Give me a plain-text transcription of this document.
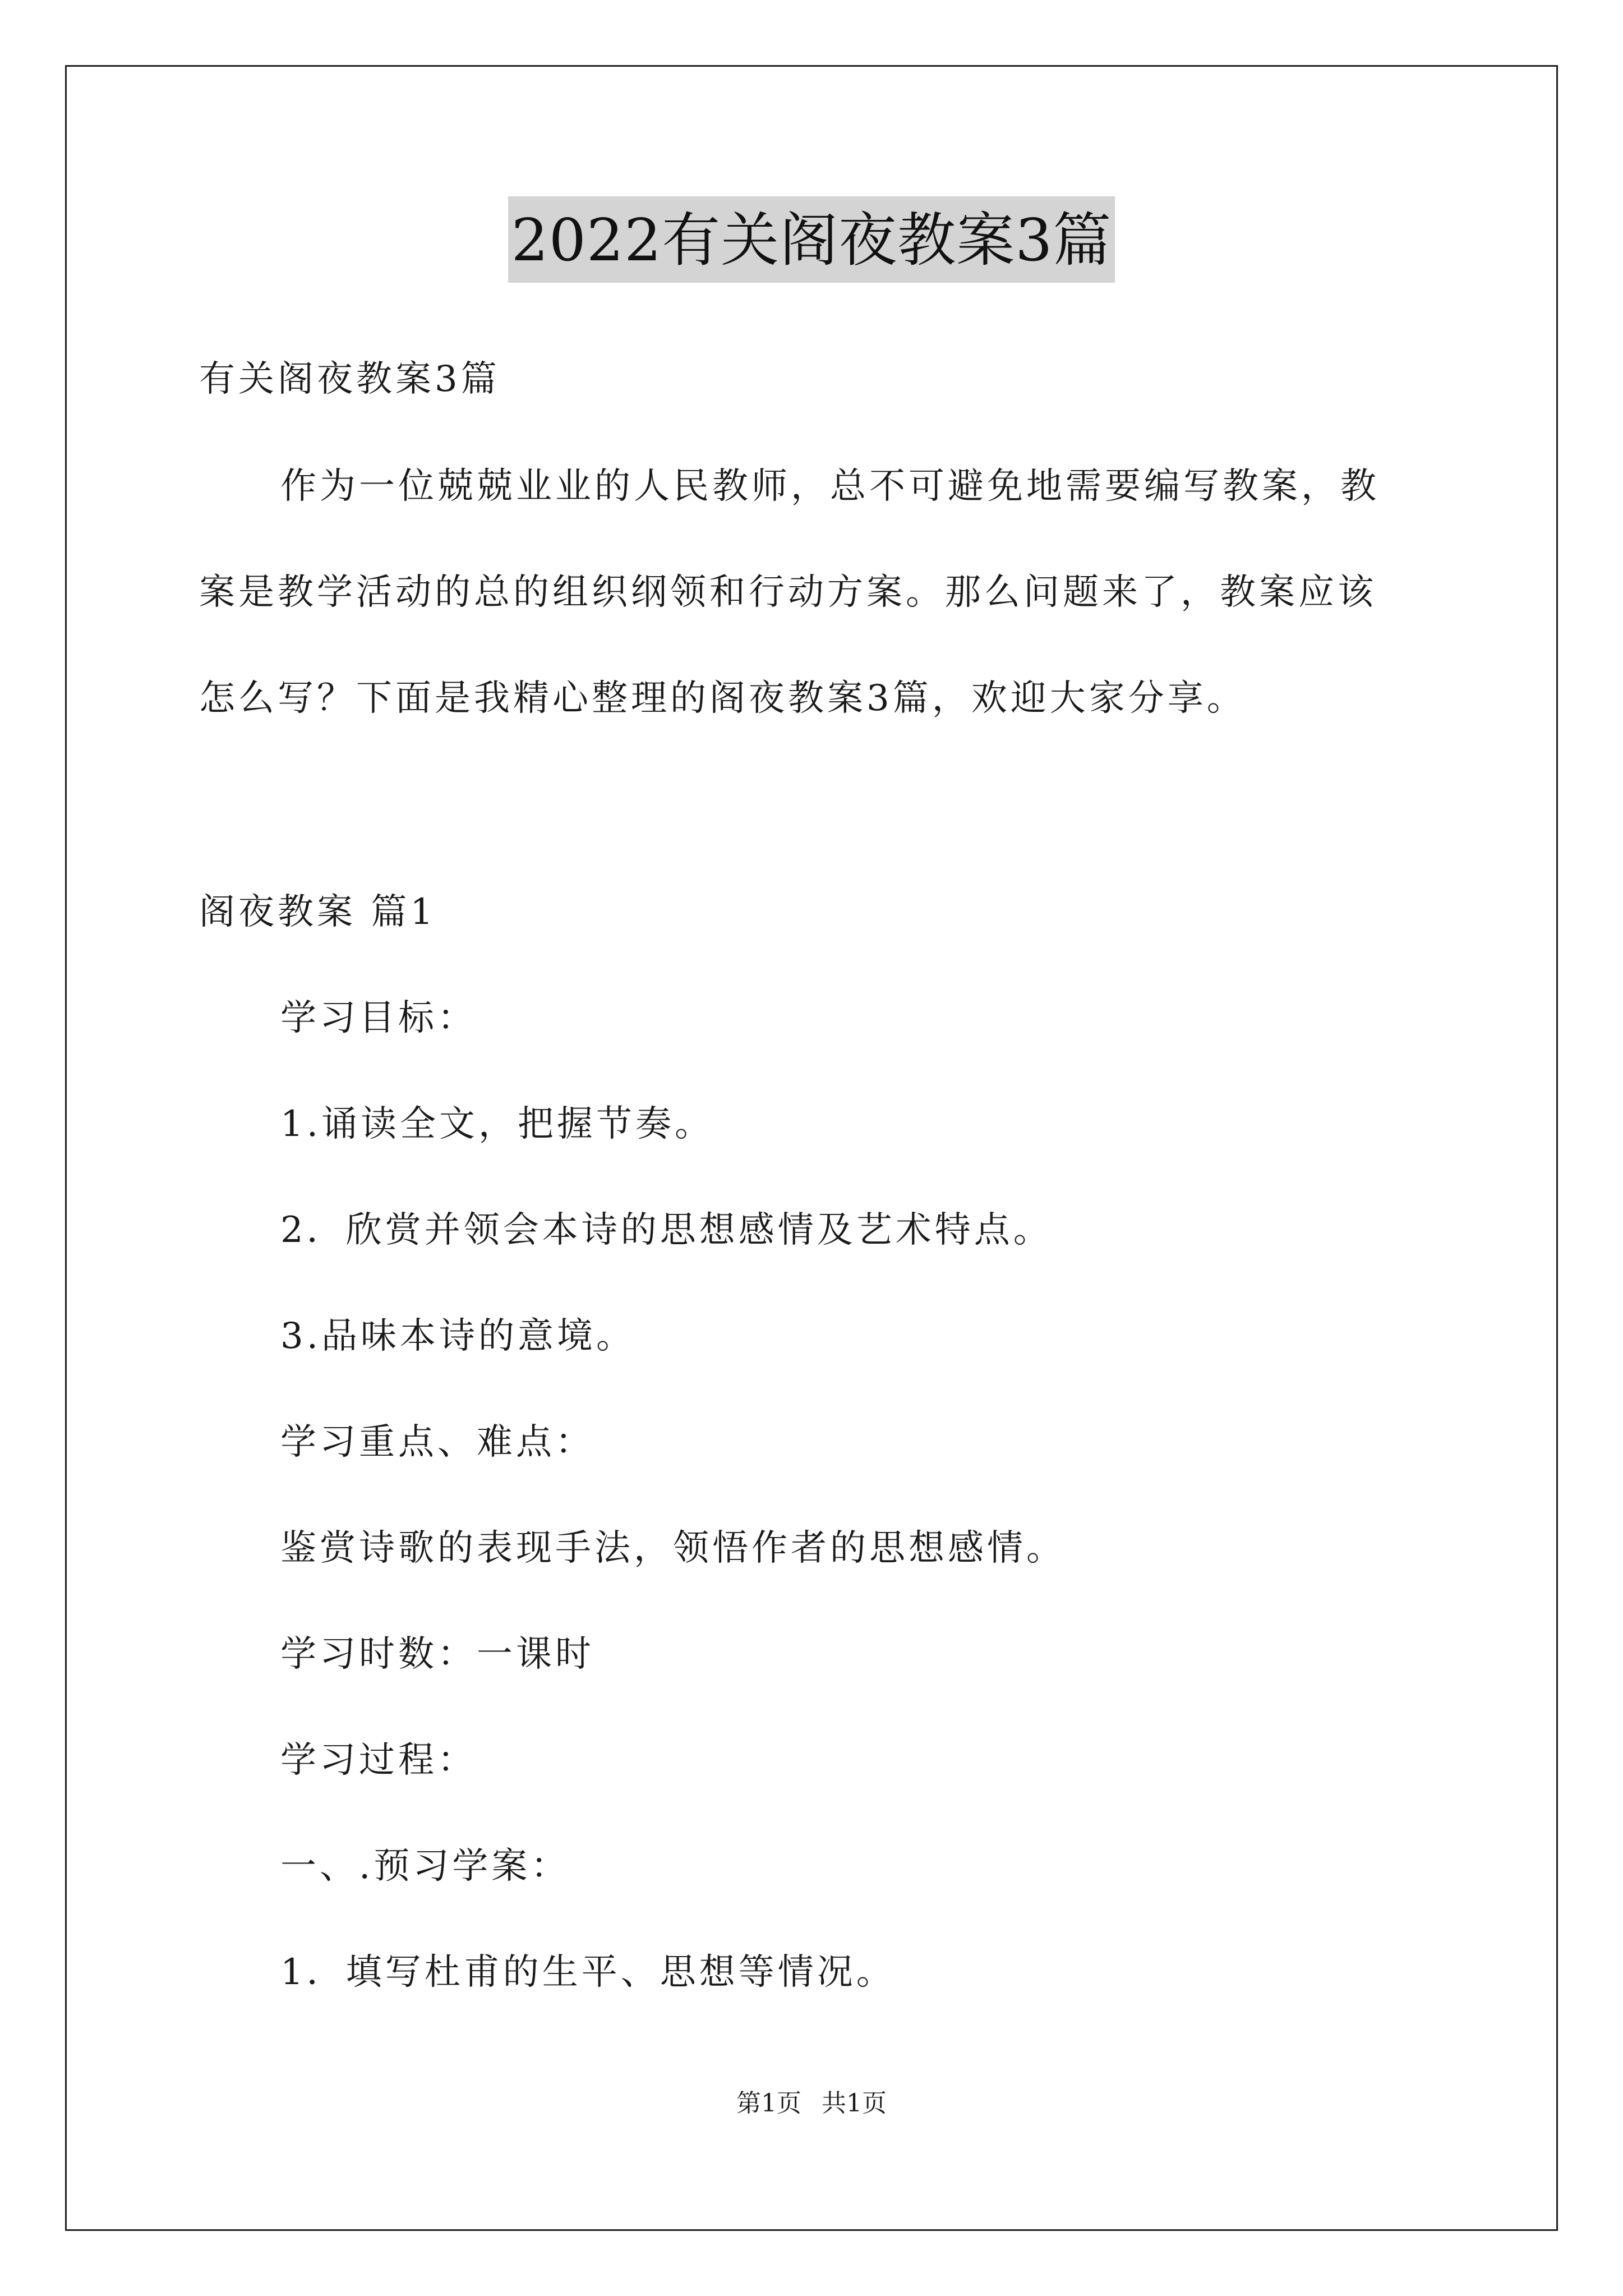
2022有关阁夜教案3篇
有关阁夜教案3篇
作为一位兢兢业业的人民教师，总不可避免地需要编写教案，教
案是教学活动的总的组织纲领和行动方案。那么问题来了，教案应该
怎么写？下面是我精心整理的阁夜教案3篇，欢迎大家分享。
阁夜教案 篇1
学习目标：
1.诵读全文，把握节奏。
2．欣赏并领会本诗的思想感情及艺术特点。
3.品味本诗的意境。
学习重点、难点：
鉴赏诗歌的表现手法，领悟作者的思想感情。
学习时数：一课时
学习过程：
一、.预习学案：
1．填写杜甫的生平、思想等情况。
第1页 共1页
